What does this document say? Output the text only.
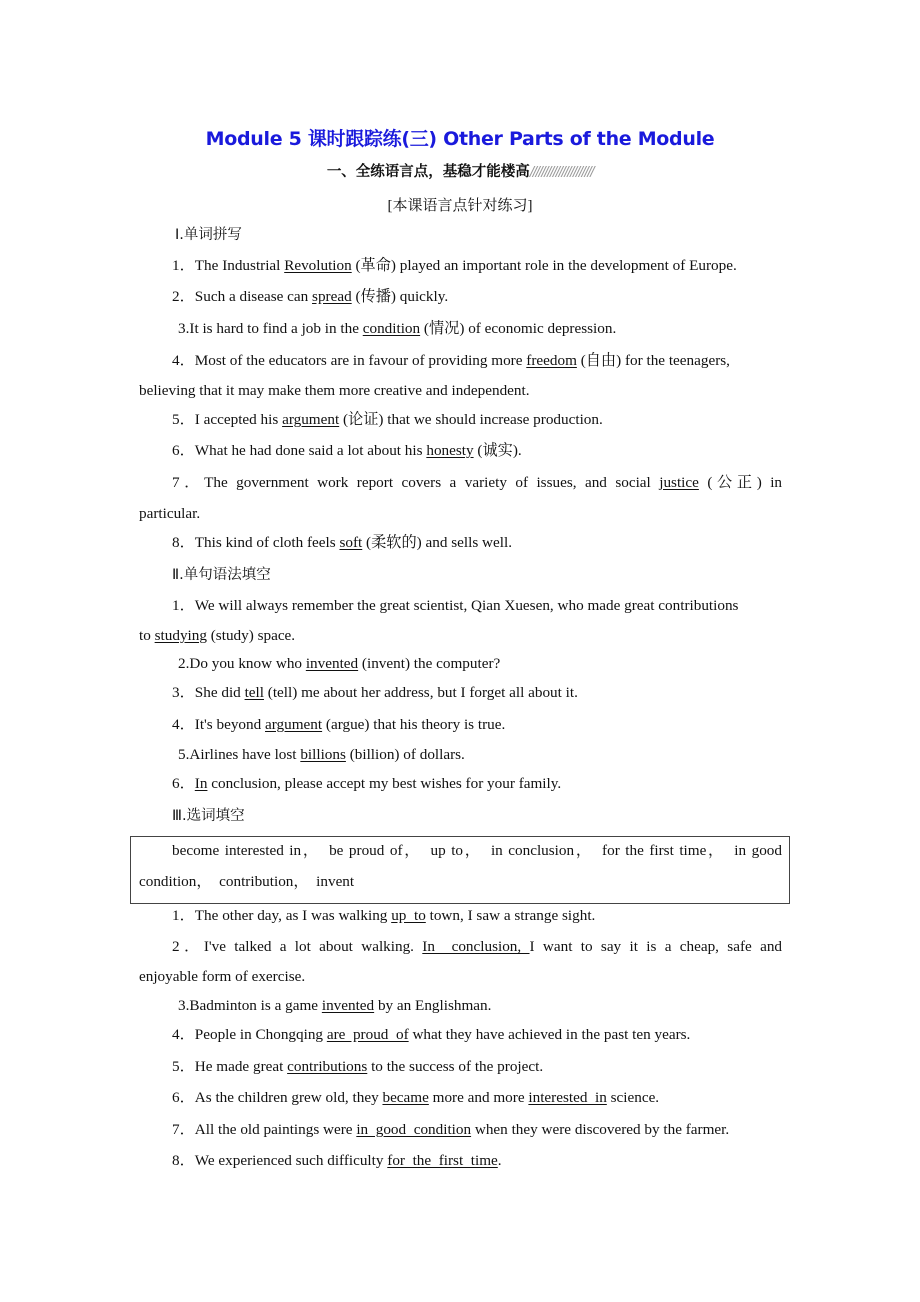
Module 5 课时跟踪练(三) Other Parts of the Module
一、全练语言点，基稳才能楼高//////////////////////
[本课语言点针对练习]
Ⅰ.单词拼写
1．The Industrial Revolution (革命) played an important role in the development of Europe.
2．Such a disease can spread (传播) quickly.
3.It is hard to find a job in the condition (情况) of economic depression.
4．Most of the educators are in favour of providing more freedom (自由) for the teenagers,
believing that it may make them more creative and independent.
5．I accepted his argument (论证) that we should increase production.
6．What he had done said a lot about his honesty (诚实).
7．The government work report covers a variety of issues, and social justice (公正) in
particular.
8．This kind of cloth feels soft (柔软的) and sells well.
Ⅱ.单句语法填空
1．We will always remember the great scientist, Qian Xuesen, who made great contributions
to studying (study) space.
2.Do you know who invented (invent) the computer?
3．She did tell (tell) me about her address, but I forget all about it.
4．It's beyond argument (argue) that his theory is true.
5.Airlines have lost billions (billion) of dollars.
6．In conclusion, please accept my best wishes for your family.
Ⅲ.选词填空
become interested in，　be proud of，　up to，　in conclusion，　for the first time，　in good
condition，　contribution，　invent
1．The other day, as I was walking up  to town, I saw a strange sight.
2．I've talked a lot about walking. In  conclusion, I want to say it is a cheap, safe and
enjoyable form of exercise.
3.Badminton is a game invented by an Englishman.
4．People in Chongqing are  proud  of what they have achieved in the past ten years.
5．He made great contributions to the success of the project.
6．As the children grew old, they became more and more interested  in science.
7．All the old paintings were in  good  condition when they were discovered by the farmer.
8．We experienced such difficulty for  the  first  time.
